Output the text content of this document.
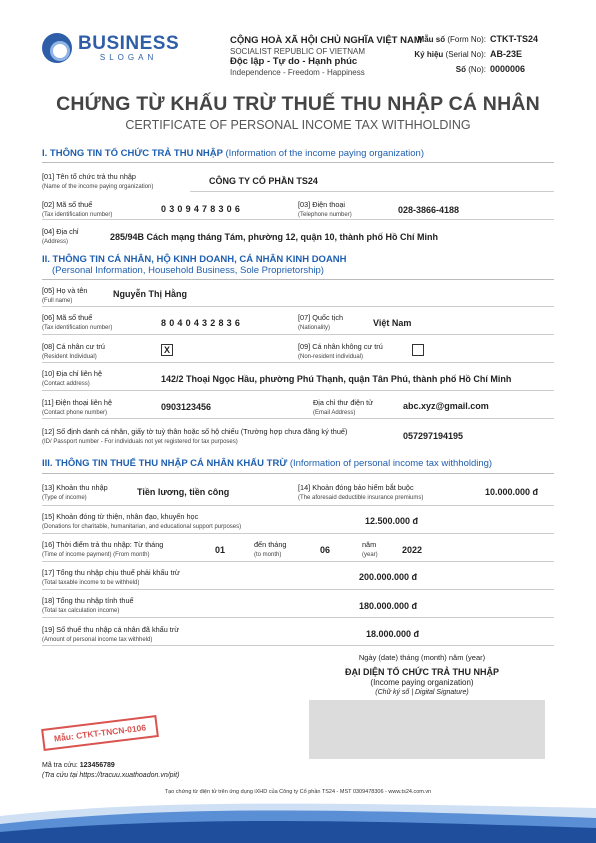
BUSINESS
SLOGAN
CỘNG HOÀ XÃ HỘI CHỦ NGHĨA VIỆT NAM
SOCIALIST REPUBLIC OF VIETNAM
Độc lập - Tự do - Hạnh phúc
Independence - Freedom - Happiness
Mẫu số (Form No): CTKT-TS24
Ký hiệu (Serial No): AB-23E
Số (No): 0000006
CHỨNG TỪ KHẤU TRỪ THUẾ THU NHẬP CÁ NHÂN
CERTIFICATE OF PERSONAL INCOME TAX WITHHOLDING
I. THÔNG TIN TỔ CHỨC TRẢ THU NHẬP (Information of the income paying organization)
[01] Tên tổ chức trả thu nhập
(Name of the income paying organization)
CÔNG TY CỔ PHẦN TS24
[02] Mã số thuế
(Tax identification number)
0309478306	[03] Điện thoại
(Telephone number)	028-3866-4188
[04] Địa chỉ
(Address)	285/94B Cách mạng tháng Tám, phường 12, quận 10, thành phố Hồ Chí Minh
II. THÔNG TIN CÁ NHÂN, HỘ KINH DOANH, CÁ NHÂN KINH DOANH
(Personal Information, Household Business, Sole Proprietorship)
[05] Họ và tên
(Full name)
Nguyễn Thị Hằng
[06] Mã số thuế
(Tax identification number)	8040432836
[07] Quốc tịch
(Nationality)	Việt Nam
[08] Cá nhân cư trú
(Resident Individual)
X	[09] Cá nhân không cư trú
(Non-resident individual)
[10] Địa chỉ liên hệ
(Contact address)	142/2 Thoại Ngọc Hầu, phường Phú Thạnh, quận Tân Phú, thành phố Hồ Chí Minh
[11] Điện thoại liên hệ
(Contact phone number)
0903123456	Địa chỉ thư điện tử
(Email Address)
abc.xyz@gmail.com
[12] Số định danh cá nhân, giấy tờ tuỳ thân hoặc số hộ chiếu (Trường hợp chưa đăng ký thuế)
(ID/ Passport number - For individuals not yet registered for tax purposes)
057297194195
III. THÔNG TIN THUẾ THU NHẬP CÁ NHÂN KHẤU TRỪ (Information of personal income tax withholding)
[13] Khoản thu nhập
(Type of income)
Tiền lương, tiền công	[14] Khoản đóng bảo hiểm bắt buộc
(The aforesaid deductible insurance premiums)
10.000.000 đ
[15] Khoản đóng từ thiện, nhân đạo, khuyến học
(Donations for charitable, humanitarian, and educational support purposes)
12.500.000 đ
[16] Thời điểm trả thu nhập: Từ tháng
(Time of income payment) (From month)	01
đến tháng
(to month)	06
năm
(year)	2022
[17] Tổng thu nhập chịu thuế phải khấu trừ
(Total taxable income to be withheld)
200.000.000 đ
[18] Tổng thu nhập tính thuế
(Total tax calculation income)	180.000.000 đ
[19] Số thuế thu nhập cá nhân đã khấu trừ
(Amount of personal income tax withheld)
18.000.000 đ
Ngày (date) tháng (month) năm (year)
ĐẠI DIỆN TỔ CHỨC TRẢ THU NHẬP
(Income paying organization)
(Chữ ký số | Digital Signature)
Mẫu: CTKT-TNCN-0106
Mã tra cứu: 123456789
(Tra cứu tại https://tracuu.xuathoadon.vn/pit)
Tạo chứng từ điện tử trên ứng dụng iXHD của Công ty Cổ phần TS24 - MST 0309478306 - www.ts24.com.vn
